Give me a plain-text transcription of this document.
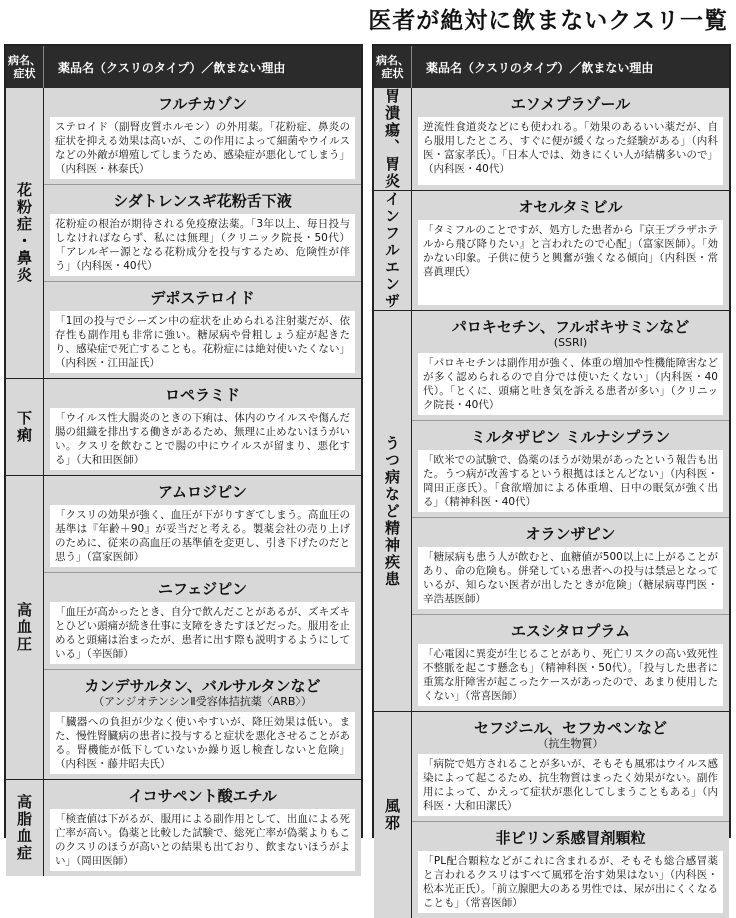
医者が絶対に飲まないクスリ一覧
病名、症状	薬品名（クスリのタイプ）／飲まない理由
花粉症・鼻炎
フルチカゾン
ステロイド（副腎皮質ホルモン）の外用薬。「花粉症、鼻炎の症状を抑える効果は高いが、この作用によって細菌やウイルスなどの外敵が増殖してしまうため、感染症が悪化してしまう」（内科医・林泰氏）
シダトレンスギ花粉舌下液
花粉症の根治が期待される免疫療法薬。「3年以上、毎日投与しなければならず、私には無理」（クリニック院長・50代）「アレルギー源となる花粉成分を投与するため、危険性が伴う」（内科医・40代）
デポステロイド
「1回の投与でシーズン中の症状を止められる注射薬だが、依存性も副作用も非常に強い。糖尿病や骨粗しょう症が起きたり、感染症で死亡することも。花粉症には絶対使いたくない」（内科医・江田証氏）
下痢
ロペラミド
「ウイルス性大腸炎のときの下痢は、体内のウイルスや傷んだ腸の組織を排出する働きがあるため、無理に止めないほうがいい。クスリを飲むことで腸の中にウイルスが留まり、悪化する」（大和田医師）
高血圧
アムロジピン
「クスリの効果が強く、血圧が下がりすぎてしまう。高血圧の基準は『年齢＋90』が妥当だと考える。製薬会社の売り上げのために、従来の高血圧の基準値を変更し、引き下げたのだと思う」（富家医師）
ニフェジピン
「血圧が高かったとき、自分で飲んだことがあるが、ズキズキとひどい頭痛が続き仕事に支障をきたすほどだった。服用を止めると頭痛は治まったが、患者に出す際も説明するようにしている」（辛医師）
カンデサルタン、バルサルタンなど
（アンジオテンシンⅡ受容体拮抗薬〈ARB〉）
「臓器への負担が少なく使いやすいが、降圧効果は低い。また、慢性腎臓病の患者に投与すると症状を悪化させることがある。腎機能が低下していないか繰り返し検査しないと危険」（内科医・藤井昭夫氏）
高脂血症	イコサペント酸エチル
「検査値は下がるが、服用による副作用として、出血による死亡率が高い。偽薬と比較した試験で、総死亡率が偽薬よりもこのクスリのほうが高いとの結果も出ており、飲まないほうがよい」（岡田医師）
病名、症状	薬品名（クスリのタイプ）／飲まない理由
胃潰瘍、胃炎	エソメプラゾール
逆流性食道炎などにも使われる。「効果のあるいい薬だが、自ら服用したところ、すぐに便が緩くなった経験がある」（内科医・富家孝氏）。「日本人では、効きにくい人が結構多いので」（内科医・40代）
インフルエンザ	オセルタミビル
「タミフルのことですが、処方した患者から『京王プラザホテルから飛び降りたい』と言われたので心配」（富家医師）。「効かない印象。子供に使うと興奮が強くなる傾向」（内科医・常喜眞理氏）
うつ病など精神疾患
パロキセチン、フルボキサミンなど
(SSRI)
「パロキセチンは副作用が強く、体重の増加や性機能障害などが多く認められるので自分では使いたくない」（内科医・40代）。「とくに、頭痛と吐き気を訴える患者が多い」（クリニック院長・40代）
ミルタザピン ミルナシプラン
「欧米での試験で、偽薬のほうが効果があったという報告も出た。うつ病が改善するという根拠はほとんどない」（内科医・岡田正彦氏）。「食欲増加による体重増、日中の眠気が強く出る」（精神科医・40代）
オランザピン
「糖尿病も患う人が飲むと、血糖値が500以上に上がることがあり、命の危険も。併発している患者への投与は禁忌となっているが、知らない医者が出したときが危険」（糖尿病専門医・辛浩基医師）
エスシタロプラム
「心電図に異変が生じることがあり、死亡リスクの高い致死性不整脈を起こす懸念も」（精神科医・50代）。「投与した患者に重篤な肝障害が起こったケースがあったので、あまり使用したくない」（常喜医師）
風邪
セフジニル、セフカペンなど
（抗生物質）
「病院で処方されることが多いが、そもそも風邪はウイルス感染によって起こるため、抗生物質はまったく効果がない。副作用によって、かえって症状が悪化してしまうこともある」（内科医・大和田潔氏）
非ピリン系感冒剤顆粒
「PL配合顆粒などがこれに含まれるが、そもそも総合感冒薬と言われるクスリはすべて風邪を治す効果はない」（内科医・松本光正氏）。「前立腺肥大のある男性では、尿が出にくくなることも」（常喜医師）
